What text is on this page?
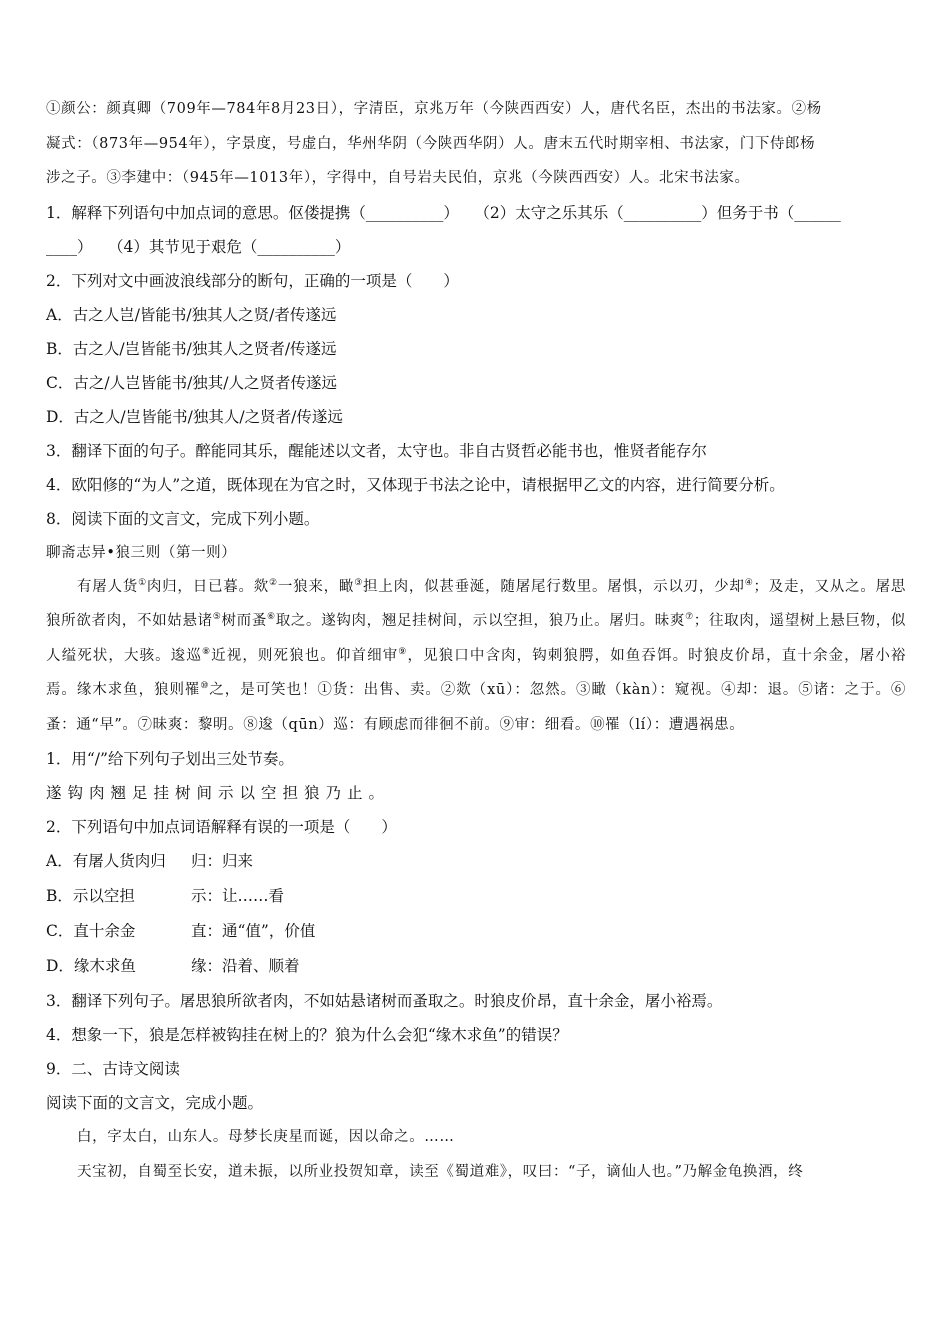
①颜公：颜真卿（709年—784年8月23日），字清臣，京兆万年（今陕西西安）人，唐代名臣，杰出的书法家。②杨

凝式：（873年—954年），字景度，号虚白，华州华阴（今陕西华阴）人。唐末五代时期宰相、书法家，门下侍郎杨

涉之子。③李建中：（945年—1013年），字得中，自号岩夫民伯，京兆（今陕西西安）人。北宋书法家。

1．解释下列语句中加点词的意思。伛偻提携（__________）　　（2）太守之乐其乐（__________）但务于书（______

____）　　（4）其节见于艰危（__________）

2．下列对文中画波浪线部分的断句，正确的一项是（　　）

A．古之人岂/皆能书/独其人之贤/者传遂远

B．古之人/岂皆能书/独其人之贤者/传遂远

C．古之/人岂皆能书/独其/人之贤者传遂远

D．古之人/岂皆能书/独其人/之贤者/传遂远

3．翻译下面的句子。醉能同其乐，醒能述以文者，太守也。非自古贤哲必能书也，惟贤者能存尔

4．欧阳修的“为人”之道，既体现在为官之时，又体现于书法之论中，请根据甲乙文的内容，进行简要分析。

8．阅读下面的文言文，完成下列小题。

聊斋志异•狼三则（第一则）

有屠人货①肉归，日已暮。欻②一狼来，瞰③担上肉，似甚垂涎，随屠尾行数里。屠惧，示以刃，少却④；及走，又从之。屠思狼所欲者肉，不如姑悬诸⑤树而蚤⑥取之。遂钩肉，翘足挂树间，示以空担，狼乃止。屠归。昧爽⑦；往取肉，遥望树上悬巨物，似人缢死状，大骇。逡巡⑧近视，则死狼也。仰首细审⑨，见狼口中含肉，钩刺狼腭，如鱼吞饵。时狼皮价昂，直十余金，屠小裕焉。缘木求鱼，狼则罹⑩之，是可笑也！①货：出售、卖。②欻（xū）：忽然。③瞰（kàn）：窥视。④却：退。⑤诸：之于。⑥蚤：通“早”。⑦昧爽：黎明。⑧逡（qūn）巡：有顾虑而徘徊不前。⑨审：细看。⑩罹（lí）：遭遇祸患。

1．用“/”给下列句子划出三处节奏。

遂钩肉翘足挂树间示以空担狼乃止。

2．下列语句中加点词语解释有误的一项是（　　）

A．有屠人货肉归	归：归来
B．示以空担	示：让……看
C．直十余金	直：通“值”，价值
D．缘木求鱼	缘：沿着、顺着

3．翻译下列句子。屠思狼所欲者肉，不如姑悬诸树而蚤取之。时狼皮价昂，直十余金，屠小裕焉。

4．想象一下，狼是怎样被钩挂在树上的？狼为什么会犯“缘木求鱼”的错误？

9．二、古诗文阅读

阅读下面的文言文，完成小题。

白，字太白，山东人。母梦长庚星而诞，因以命之。……

天宝初，自蜀至长安，道未振，以所业投贺知章，读至《蜀道难》，叹曰：“子，谪仙人也。”乃解金龟换酒，终
